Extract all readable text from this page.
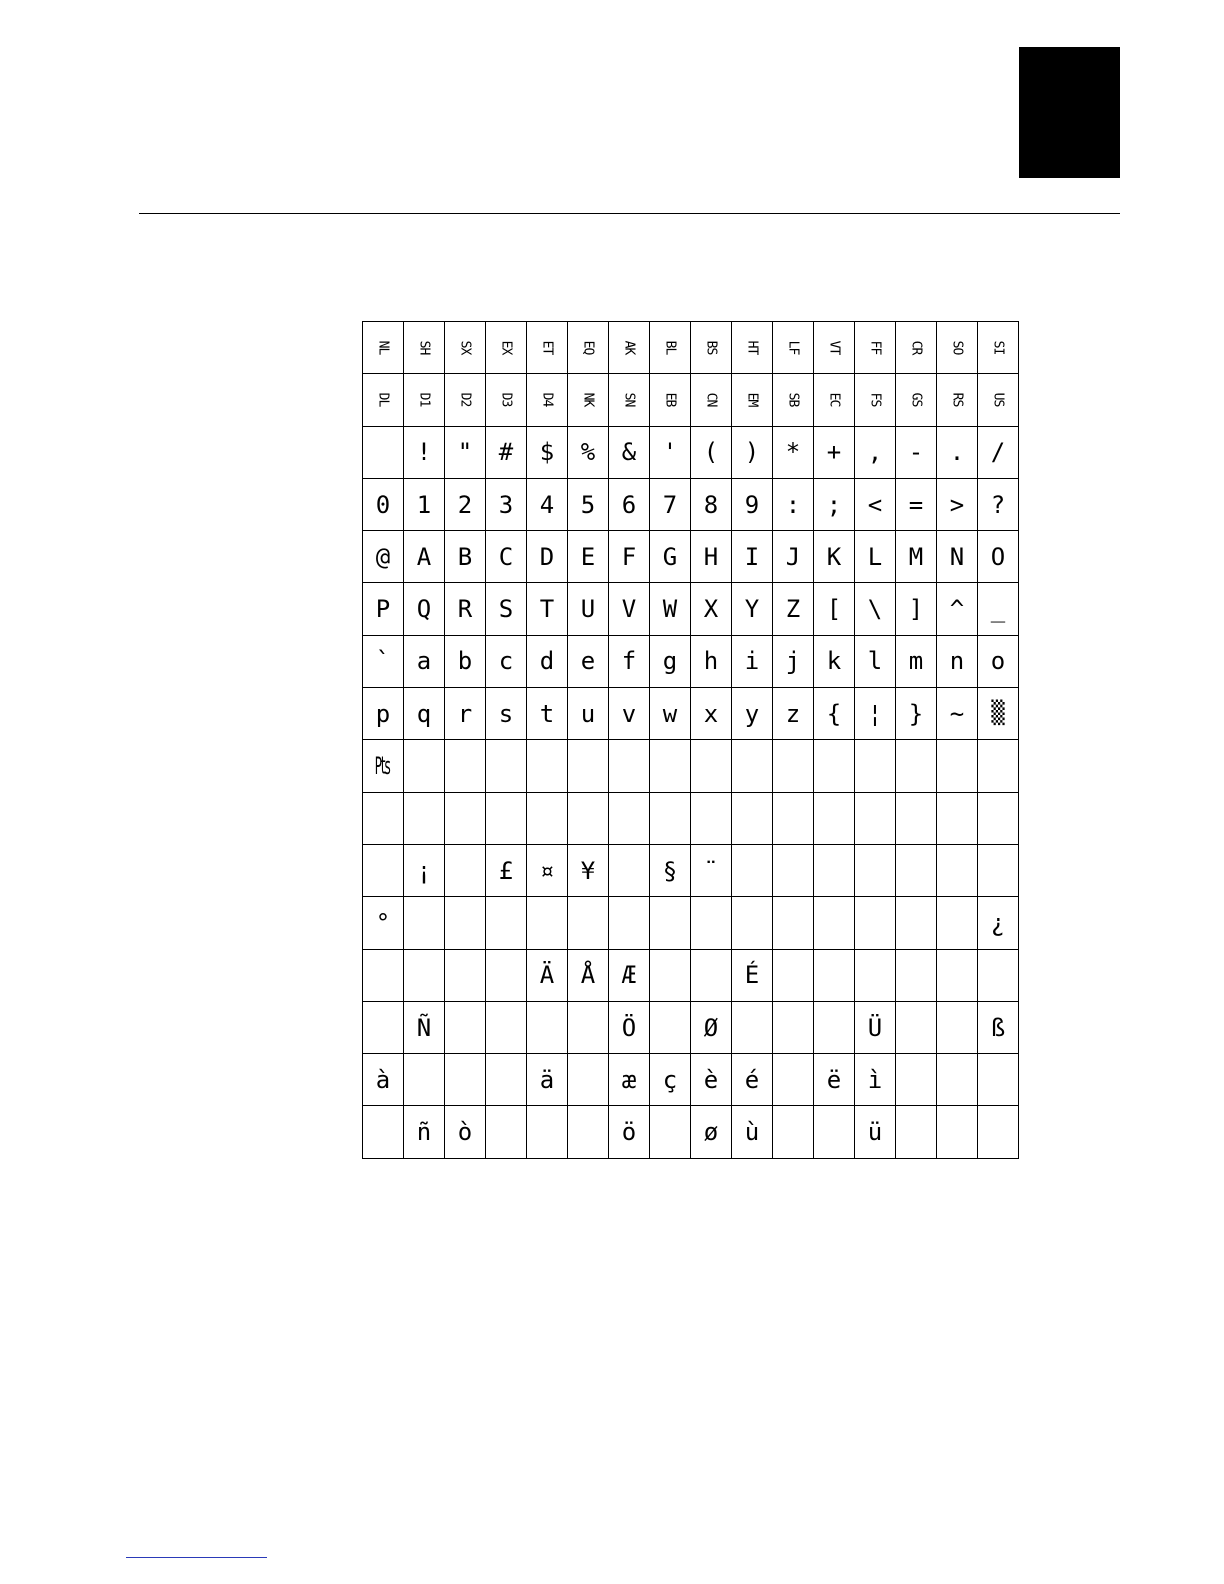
NL	SH	SX	EX	ET	EQ	AK	BL	BS	HT	LF	VT	FF	CR	SO	SI
DL	D1	D2	D3	D4	NK	SN	EB	CN	EM	SB	EC	FS	GS	RS	US
	!	"	#	$	%	&	'	(	)	*	+	,	-	.	/
0	1	2	3	4	5	6	7	8	9	:	;	<	=	>	?
@	A	B	C	D	E	F	G	H	I	J	K	L	M	N	O
P	Q	R	S	T	U	V	W	X	Y	Z	[	\	]	^	_
`	a	b	c	d	e	f	g	h	i	j	k	l	m	n	o
p	q	r	s	t	u	v	w	x	y	z	{	¦	}	~	▒
₧															

	¡		£	¤	¥		§	¨							
°															¿
				Ä	Å	Æ			É						
	Ñ					Ö		Ø				Ü			ß
à				ä		æ	ç	è	é		ë	ì			
	ñ	ò				ö		ø	ù			ü			
